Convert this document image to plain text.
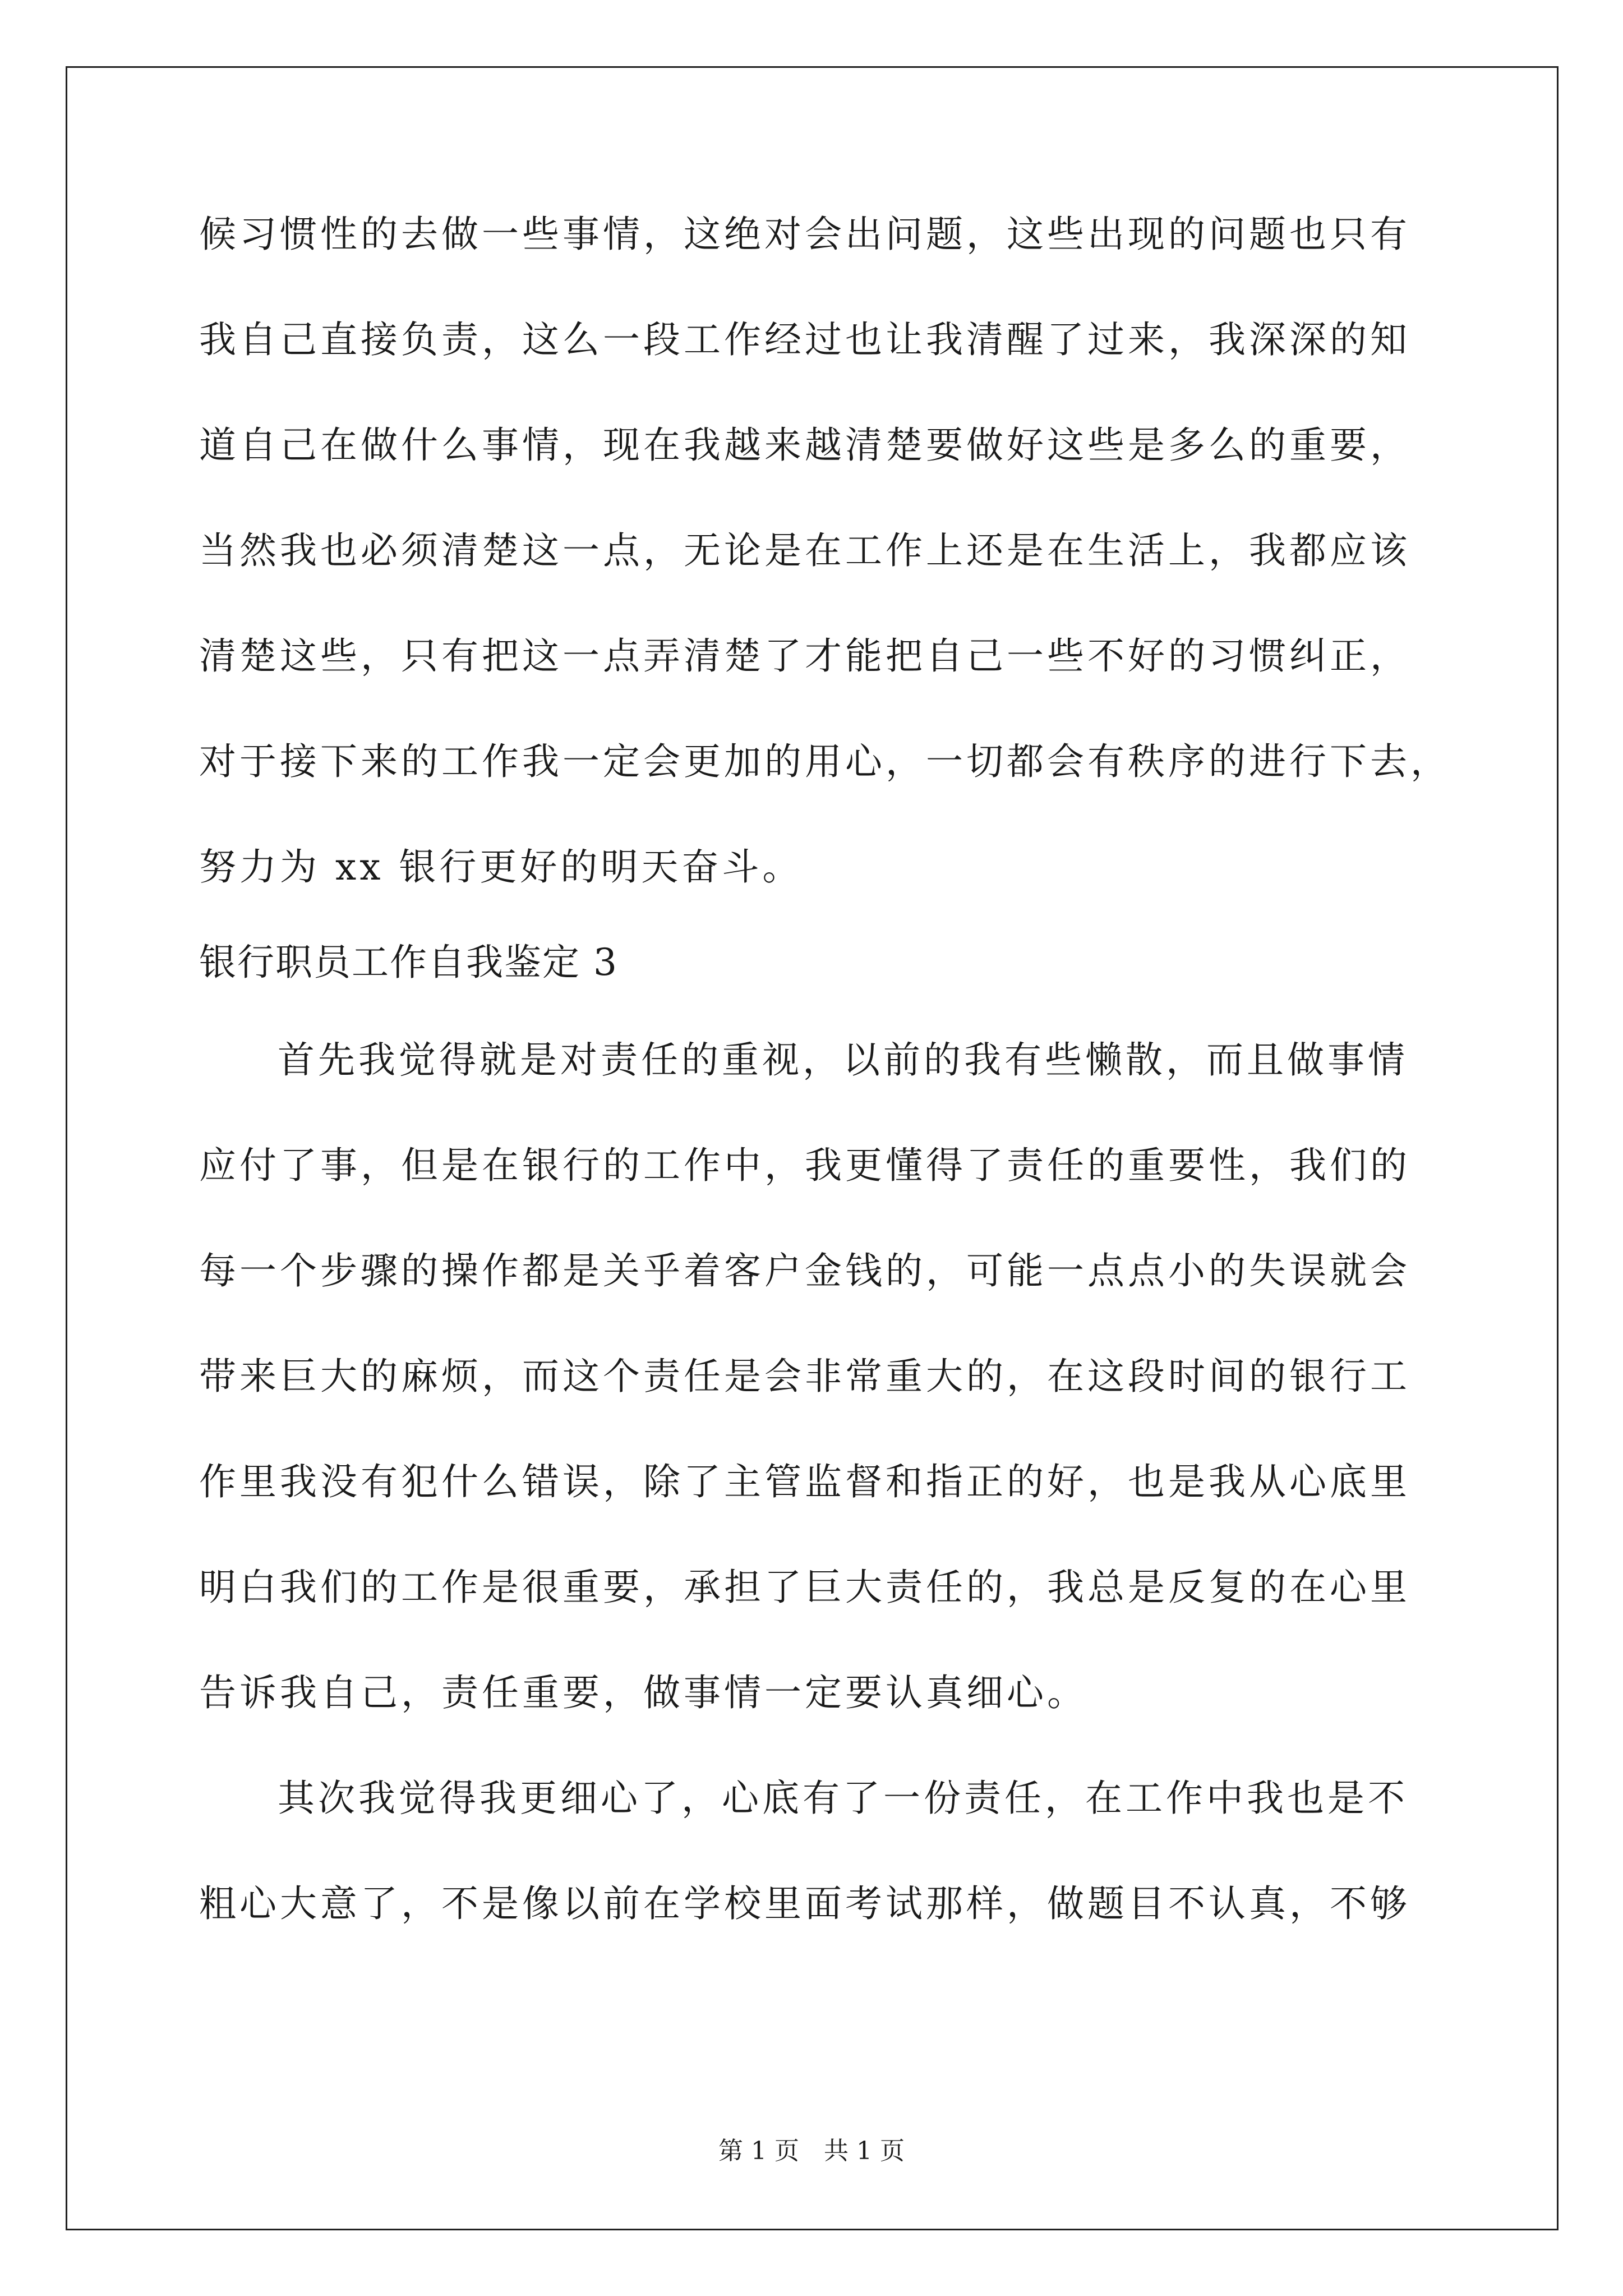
候习惯性的去做一些事情，这绝对会出问题，这些出现的问题也只有
我自己直接负责，这么一段工作经过也让我清醒了过来，我深深的知
道自己在做什么事情，现在我越来越清楚要做好这些是多么的重要，
当然我也必须清楚这一点，无论是在工作上还是在生活上，我都应该
清楚这些，只有把这一点弄清楚了才能把自己一些不好的习惯纠正，
对于接下来的工作我一定会更加的用心，一切都会有秩序的进行下去，
努力为 xx 银行更好的明天奋斗。
银行职员工作自我鉴定 3
首先我觉得就是对责任的重视，以前的我有些懒散，而且做事情
应付了事，但是在银行的工作中，我更懂得了责任的重要性，我们的
每一个步骤的操作都是关乎着客户金钱的，可能一点点小的失误就会
带来巨大的麻烦，而这个责任是会非常重大的，在这段时间的银行工
作里我没有犯什么错误，除了主管监督和指正的好，也是我从心底里
明白我们的工作是很重要，承担了巨大责任的，我总是反复的在心里
告诉我自己，责任重要，做事情一定要认真细心。
其次我觉得我更细心了，心底有了一份责任，在工作中我也是不
粗心大意了，不是像以前在学校里面考试那样，做题目不认真，不够
第 1 页　共 1 页
